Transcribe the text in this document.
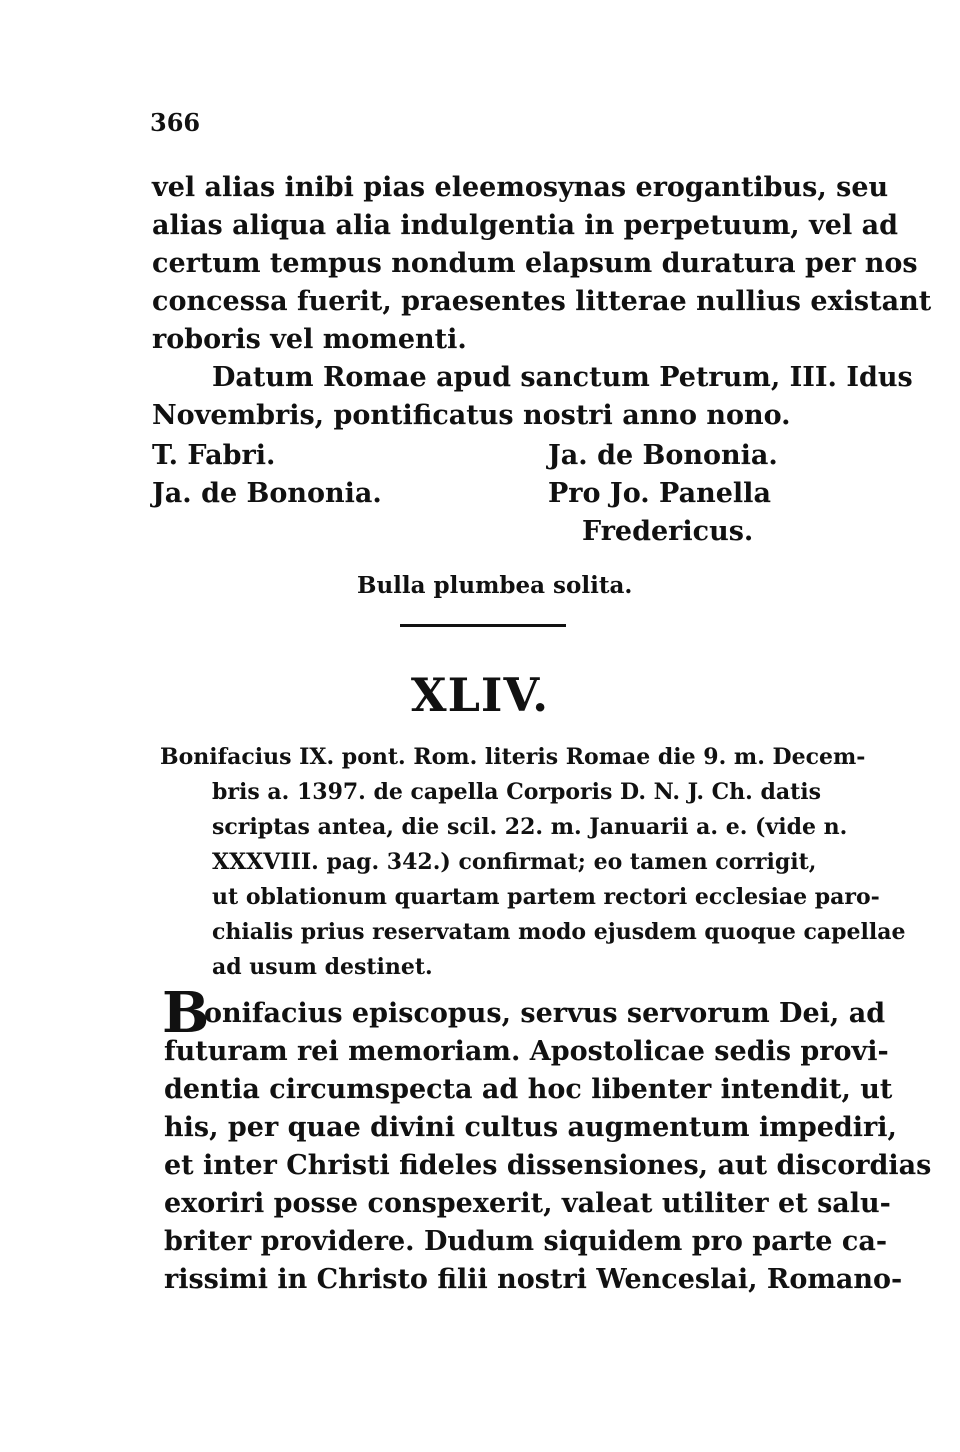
366
vel alias inibi pias eleemosynas erogantibus, seu
alias aliqua alia indulgentia in perpetuum, vel ad
certum tempus nondum elapsum duratura per nos
concessa fuerit, praesentes litterae nullius existant
roboris vel momenti.
Datum Romae apud sanctum Petrum, III. Idus
Novembris, pontificatus nostri anno nono.
T. Fabri.
Ja. de Bononia.
Ja. de Bononia.
Pro Jo. Panella
Fredericus.
Bulla plumbea solita.
XLIV.
Bonifacius IX. pont. Rom. literis Romae die 9. m. Decem-
bris a. 1397. de capella Corporis D. N. J. Ch. datis
scriptas antea, die scil. 22. m. Januarii a. e. (vide n.
XXXVIII. pag. 342.) confirmat; eo tamen corrigit,
ut oblationum quartam partem rectori ecclesiae paro-
chialis prius reservatam modo ejusdem quoque capellae
ad usum destinet.
B
onifacius episcopus, servus servorum Dei, ad
futuram rei memoriam. Apostolicae sedis provi-
dentia circumspecta ad hoc libenter intendit, ut
his, per quae divini cultus augmentum impediri,
et inter Christi fideles dissensiones, aut discordias
exoriri posse conspexerit, valeat utiliter et salu-
briter providere. Dudum siquidem pro parte ca-
rissimi in Christo filii nostri Wenceslai, Romano-
